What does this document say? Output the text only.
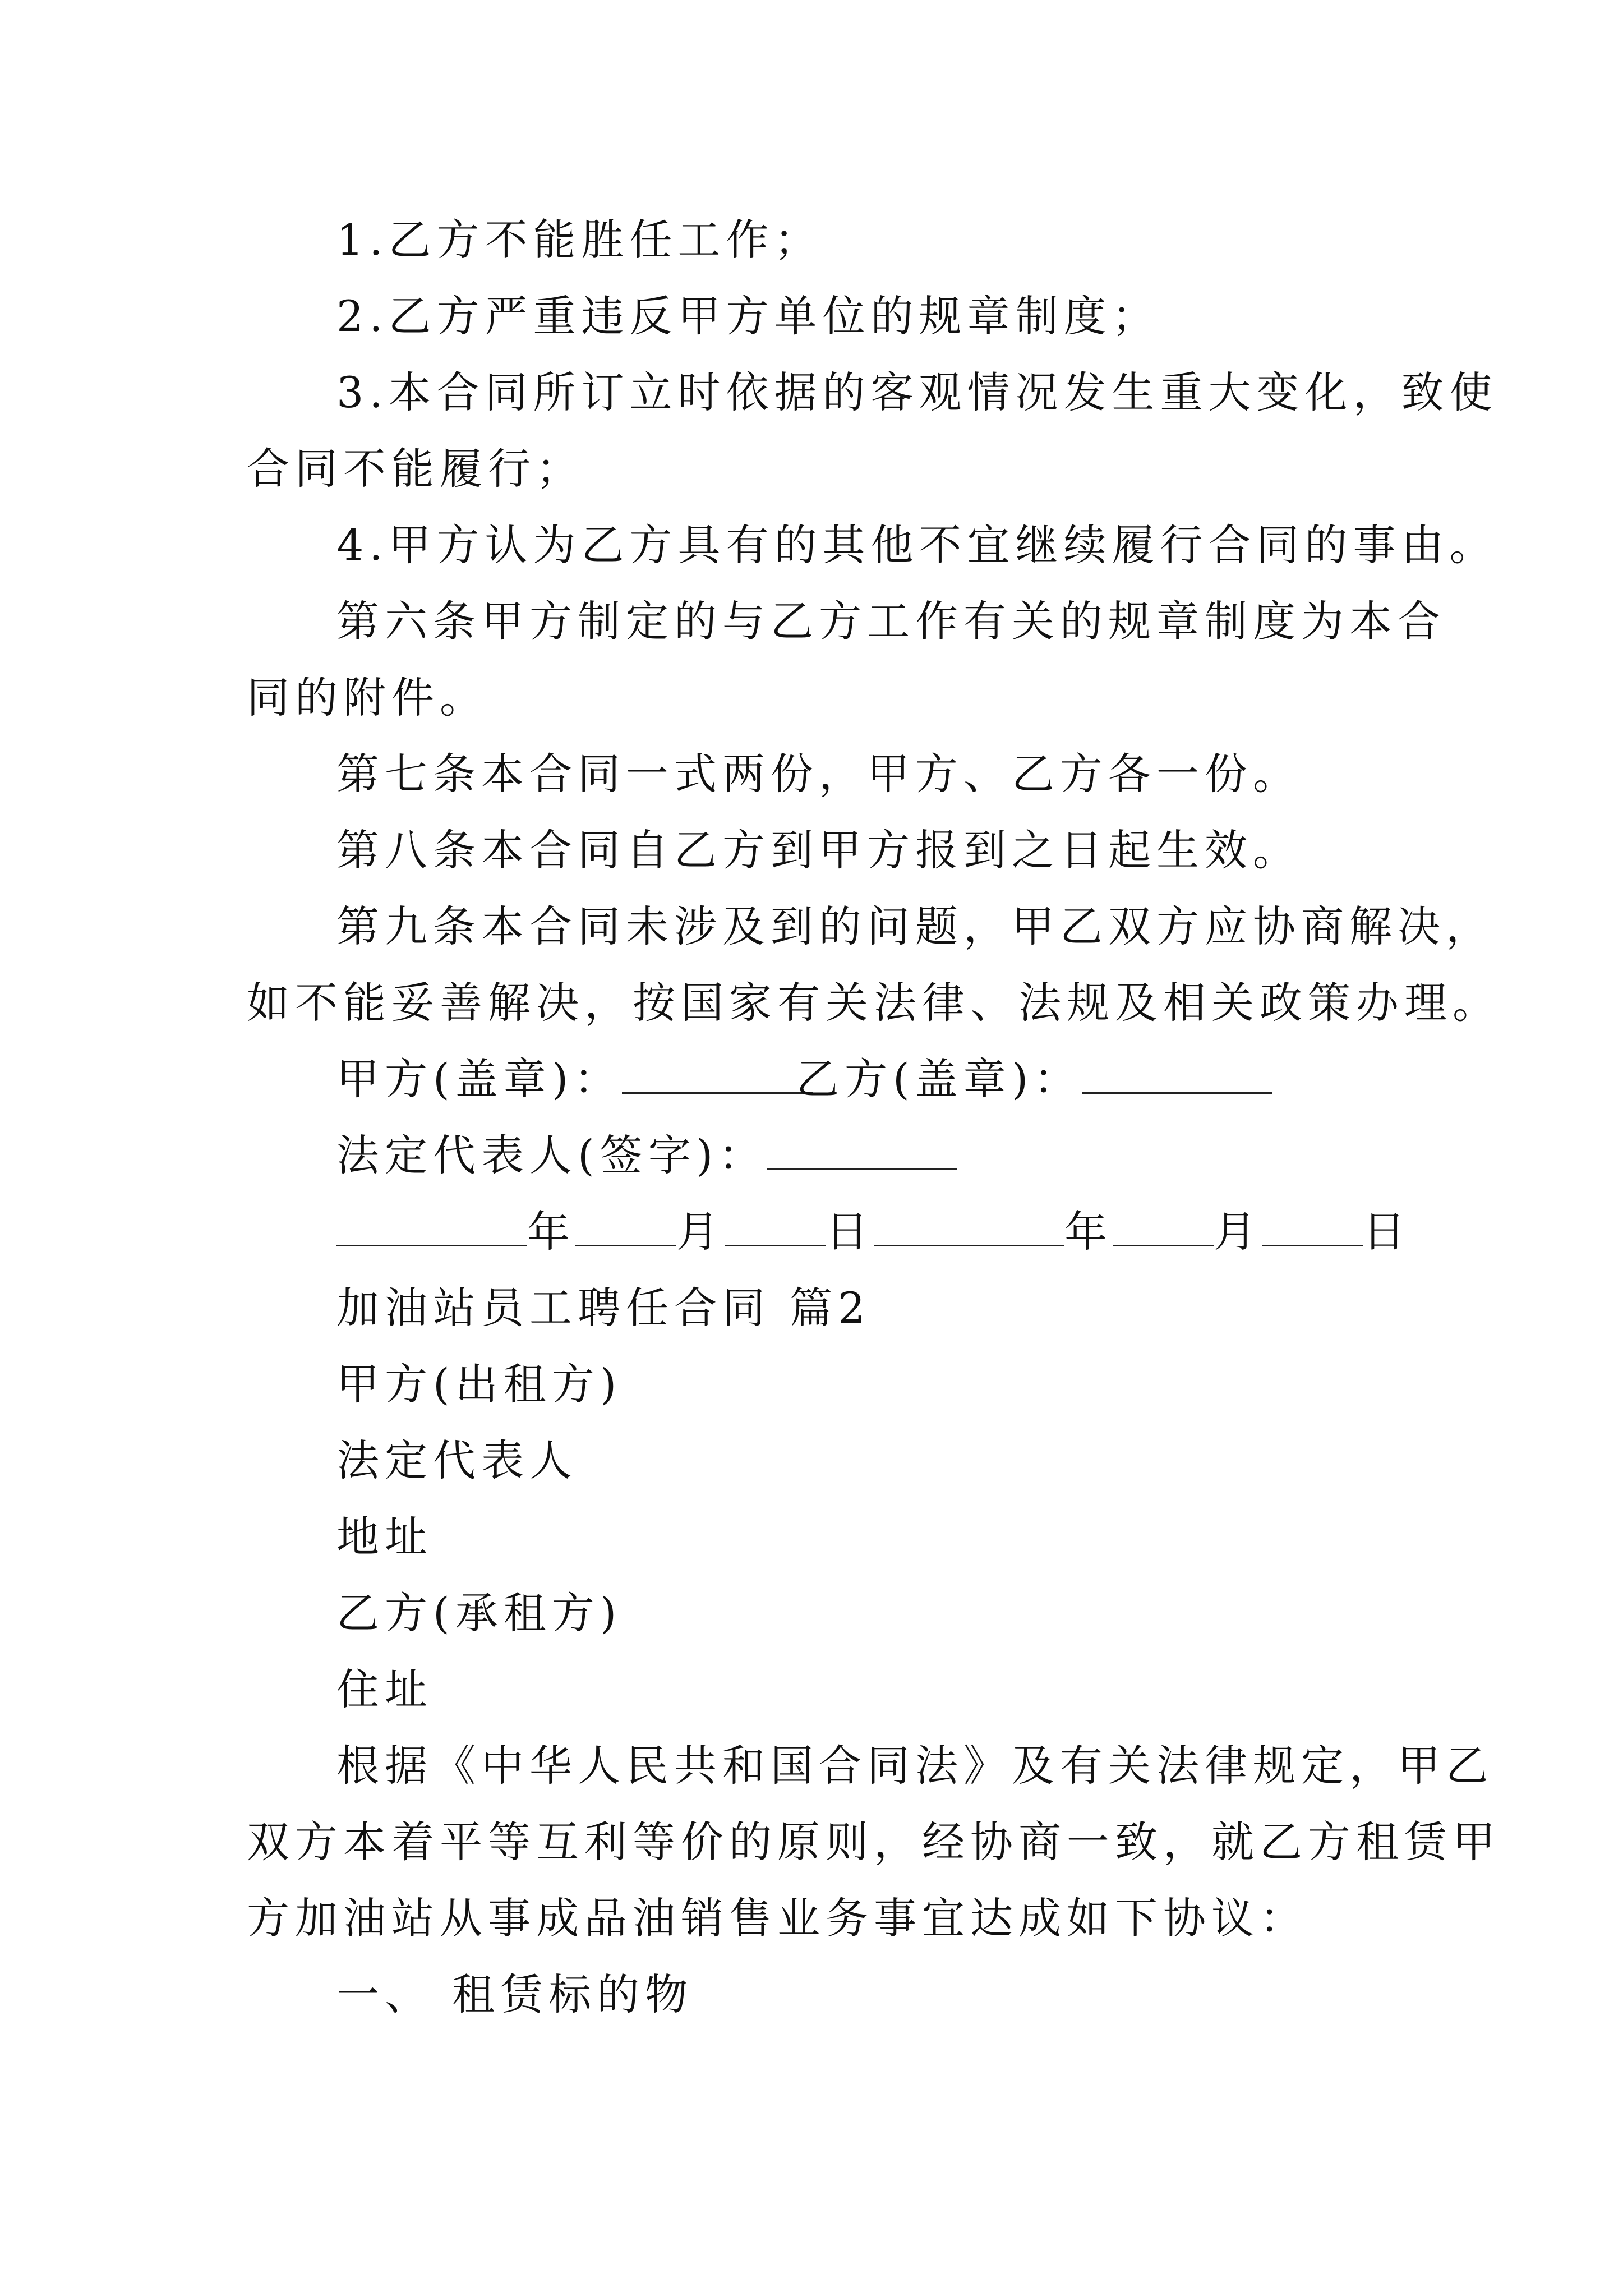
1.乙方不能胜任工作；
2.乙方严重违反甲方单位的规章制度；
3.本合同所订立时依据的客观情况发生重大变化，致使
合同不能履行；
4.甲方认为乙方具有的其他不宜继续履行合同的事由。
第六条甲方制定的与乙方工作有关的规章制度为本合
同的附件。
第七条本合同一式两份，甲方、乙方各一份。
第八条本合同自乙方到甲方报到之日起生效。
第九条本合同未涉及到的问题，甲乙双方应协商解决，
如不能妥善解决，按国家有关法律、法规及相关政策办理。
甲方(盖章)：	乙方(盖章)：
法定代表人(签字)：
年 月 日	年 月 日
加油站员工聘任合同 篇2
甲方(出租方)
法定代表人
地址
乙方(承租方)
住址
根据《中华人民共和国合同法》及有关法律规定，甲乙
双方本着平等互利等价的原则，经协商一致，就乙方租赁甲
方加油站从事成品油销售业务事宜达成如下协议：
一、 租赁标的物
